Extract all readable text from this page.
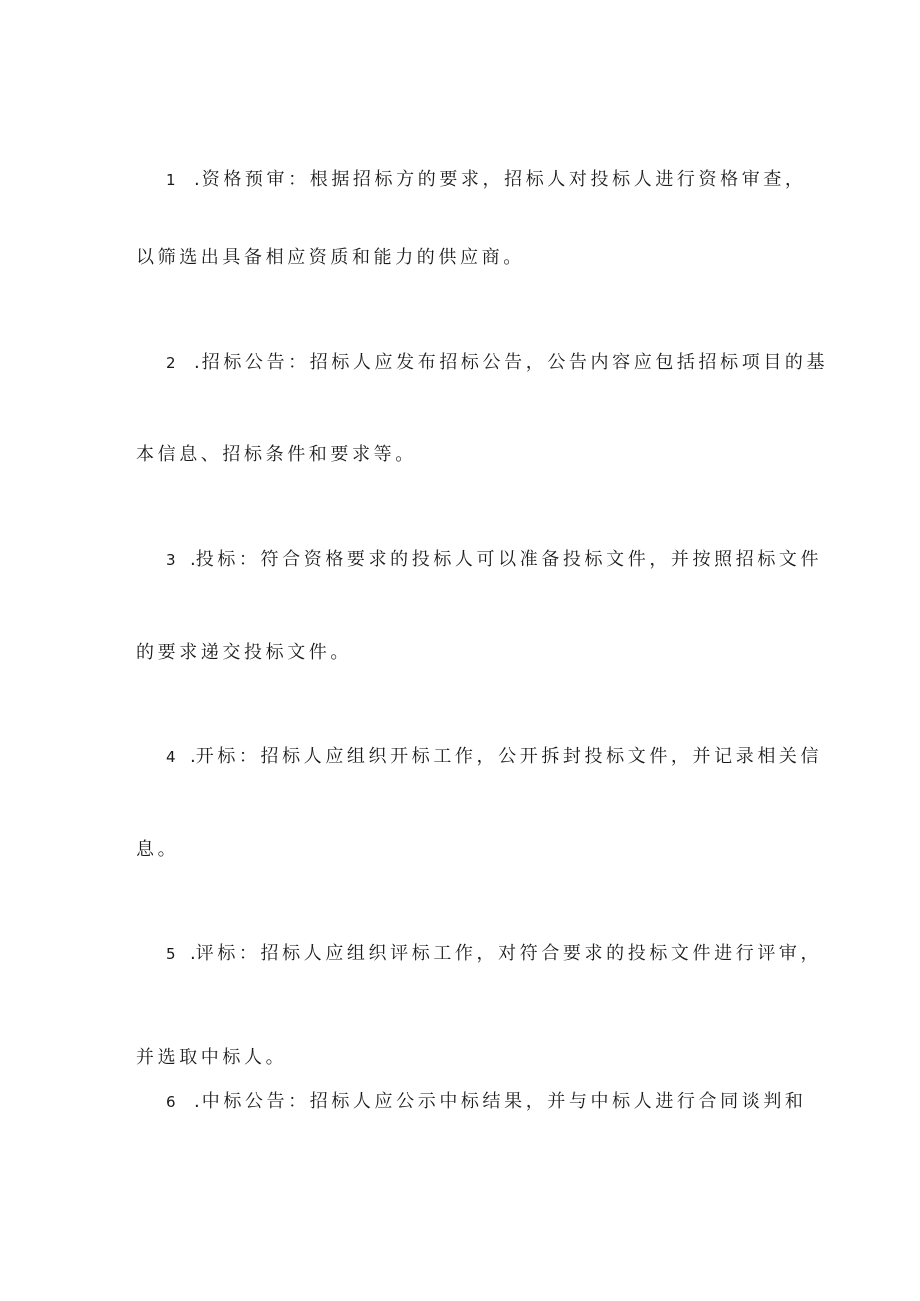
1 . 资格预审：根据招标方的要求，招标人对投标人进行资格审查，
以筛选出具备相应资质和能力的供应商。
2 . 招标公告：招标人应发布招标公告，公告内容应包括招标项目的基
本信息、招标条件和要求等。
3 .投标：符合资格要求的投标人可以准备投标文件，并按照招标文件
的要求递交投标文件。
4 .开标：招标人应组织开标工作，公开拆封投标文件，并记录相关信
息。
5 .评标：招标人应组织评标工作，对符合要求的投标文件进行评审，
并选取中标人。
6 . 中标公告：招标人应公示中标结果，并与中标人进行合同谈判和
